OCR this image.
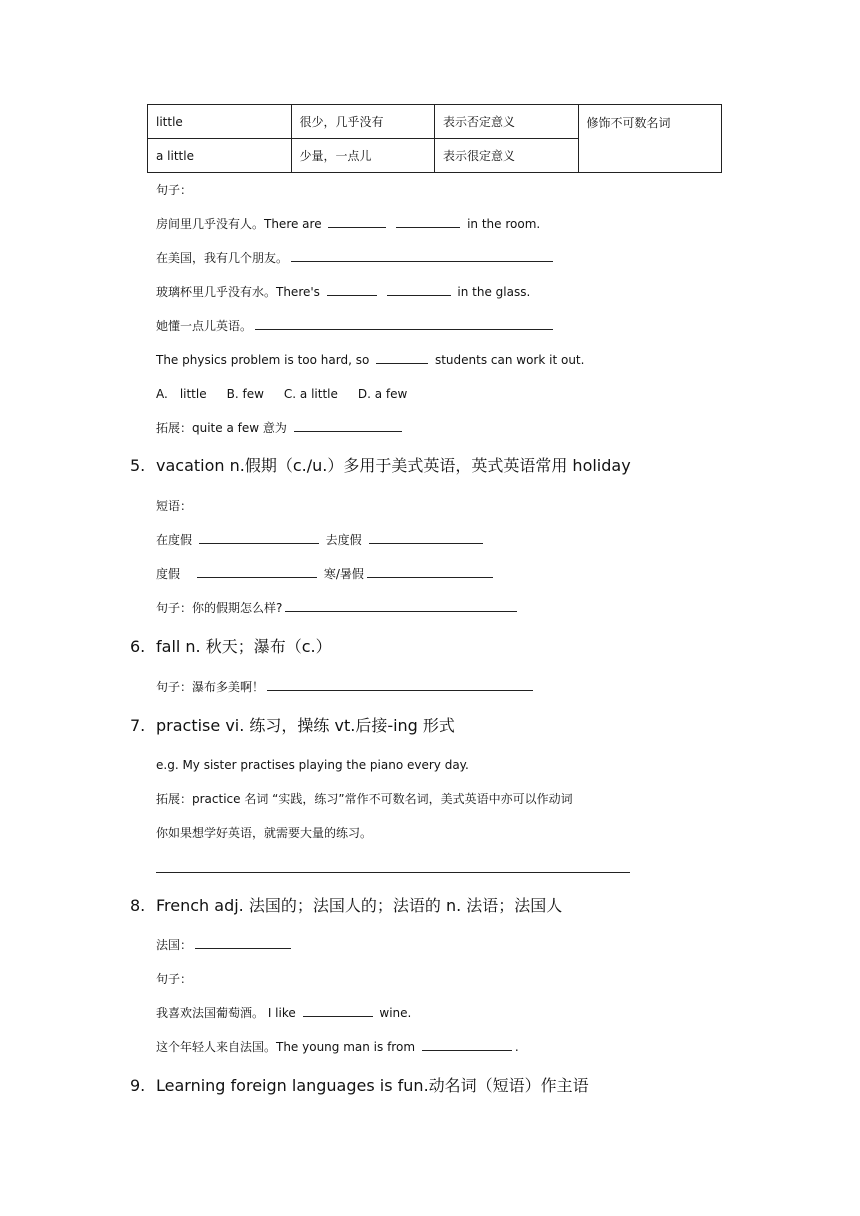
little	很少，几乎没有	表示否定意义	修饰不可数名词
a little	少量，一点儿	表示很定意义	
句子：
房间里几乎没有人。There are	in the room.
在美国，我有几个朋友。
玻璃杯里几乎没有水。There's	in the glass.
她懂一点儿英语。
The physics problem is too hard, so	students can work it out.
A. little B. few C. a little D. a few
拓展：quite a few 意为
5. vacation n.假期（c./u.）多用于美式英语，英式英语常用 holiday
短语：
在度假	去度假
度假	寒/暑假
句子：你的假期怎么样?
6. fall n. 秋天；瀑布（c.）
句子：瀑布多美啊！
7. practise vi. 练习，操练 vt.后接-ing 形式
e.g. My sister practises playing the piano every day.
拓展：practice 名词 “实践，练习”常作不可数名词，美式英语中亦可以作动词
你如果想学好英语，就需要大量的练习。
8. French adj. 法国的；法国人的；法语的 n. 法语；法国人
法国：
句子：
我喜欢法国葡萄酒。 I like	wine.
这个年轻人来自法国。The young man is from	.
9. Learning foreign languages is fun.动名词（短语）作主语
